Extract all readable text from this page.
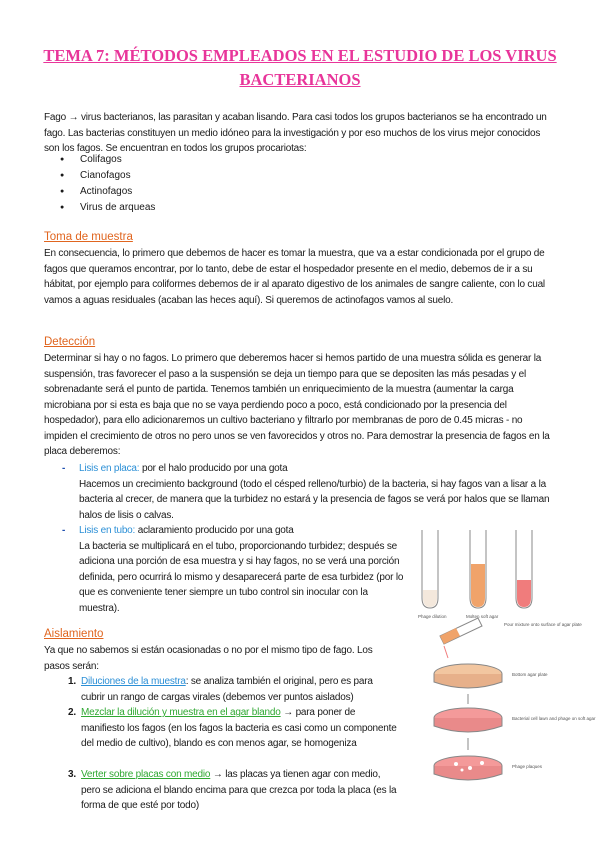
TEMA 7: MÉTODOS EMPLEADOS EN EL ESTUDIO DE LOS VIRUS BACTERIANOS

Fago → virus bacterianos, las parasitan y acaban lisando. Para casi todos los grupos bacterianos se ha encontrado un fago. Las bacterias constituyen un medio idóneo para la investigación y por eso muchos de los virus mejor conocidos son los fagos. Se encuentran en todos los grupos procariotas:

● Colifagos
● Cianofagos
● Actinofagos
● Virus de arqueas
Toma de muestra

En consecuencia, lo primero que debemos de hacer es tomar la muestra, que va a estar condicionada por el grupo de fagos que queramos encontrar, por lo tanto, debe de estar el hospedador presente en el medio, debemos de ir a su hábitat, por ejemplo para coliformes debemos de ir al aparato digestivo de los animales de sangre caliente, con lo cual vamos a aguas residuales (acaban las heces aquí). Si queremos de actinofagos vamos al suelo.

Detección

Determinar si hay o no fagos. Lo primero que deberemos hacer si hemos partido de una muestra sólida es generar la suspensión, tras favorecer el paso a la suspensión se deja un tiempo para que se depositen las más pesadas y el sobrenadante será el punto de partida. Tenemos también un enriquecimiento de la muestra (aumentar la carga microbiana por si esta es baja que no se vaya perdiendo poco a poco, está condicionado por la presencia del hospedador), para ello adicionaremos un cultivo bacteriano y filtrarlo por membranas de poro de 0.45 micras - no impiden el crecimiento de otros no pero unos se ven favorecidos y otros no. Para demostrar la presencia de fagos en la placa deberemos:

-	Lisis en placa: por el halo producido por una gota
Hacemos un crecimiento background (todo el césped relleno/turbio) de la bacteria, si hay fagos van a lisar a la bacteria al crecer, de manera que la turbidez no estará y la presencia de fagos se verá por halos que se llaman halos de lisis o calvas.
-	Lisis en tubo: aclaramiento producido por una gota
La bacteria se multiplicará en el tubo, proporcionando turbidez; después se adiciona una porción de esa muestra y si hay fagos, no se verá una porción definida, pero ocurrirá lo mismo y desaparecerá parte de esa turbidez (por lo que es conveniente tener siempre un tubo control sin inocular con la muestra).
Aislamiento

Ya que no sabemos si están ocasionadas o no por el mismo tipo de fago. Los pasos serán:

1. Diluciones de la muestra: se analiza también el original, pero es para cubrir un rango de cargas virales (debemos ver puntos aislados)
2. Mezclar la dilución y muestra en el agar blando → para poner de manifiesto los fagos (en los fagos la bacteria es casi como un componente del medio de cultivo), blando es con menos agar, se homogeniza
3. Verter sobre placas con medio → las placas ya tienen agar con medio, pero se adiciona el blando encima para que crezca por toda la placa (es la forma de que esté por todo)
Phage dilution	Molten soft agar
Pour mixture onto surface of agar plate
Bottom agar plate
Bacterial cell lawn and phage on soft agar
Phage plaques
